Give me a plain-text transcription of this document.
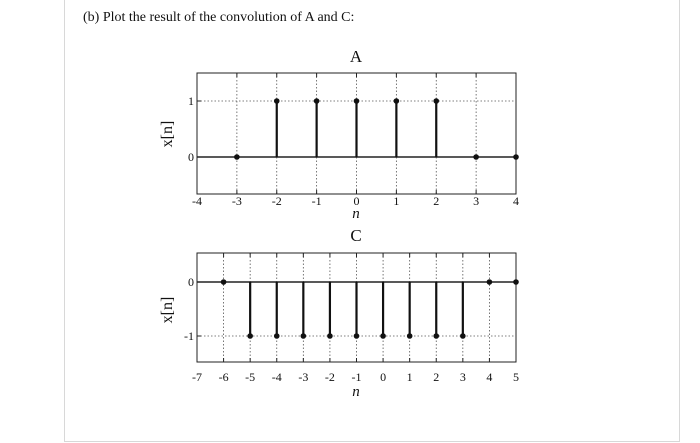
(b) Plot the result of the convolution of A and C:
A
-4 -3 -2 -1	0	1	2	3	4
0
1
n
x[n]
C
-7 -6 -5 -4 -3 -2 -1 0 1 2 3 4 5
-1
0
n
x[n]
